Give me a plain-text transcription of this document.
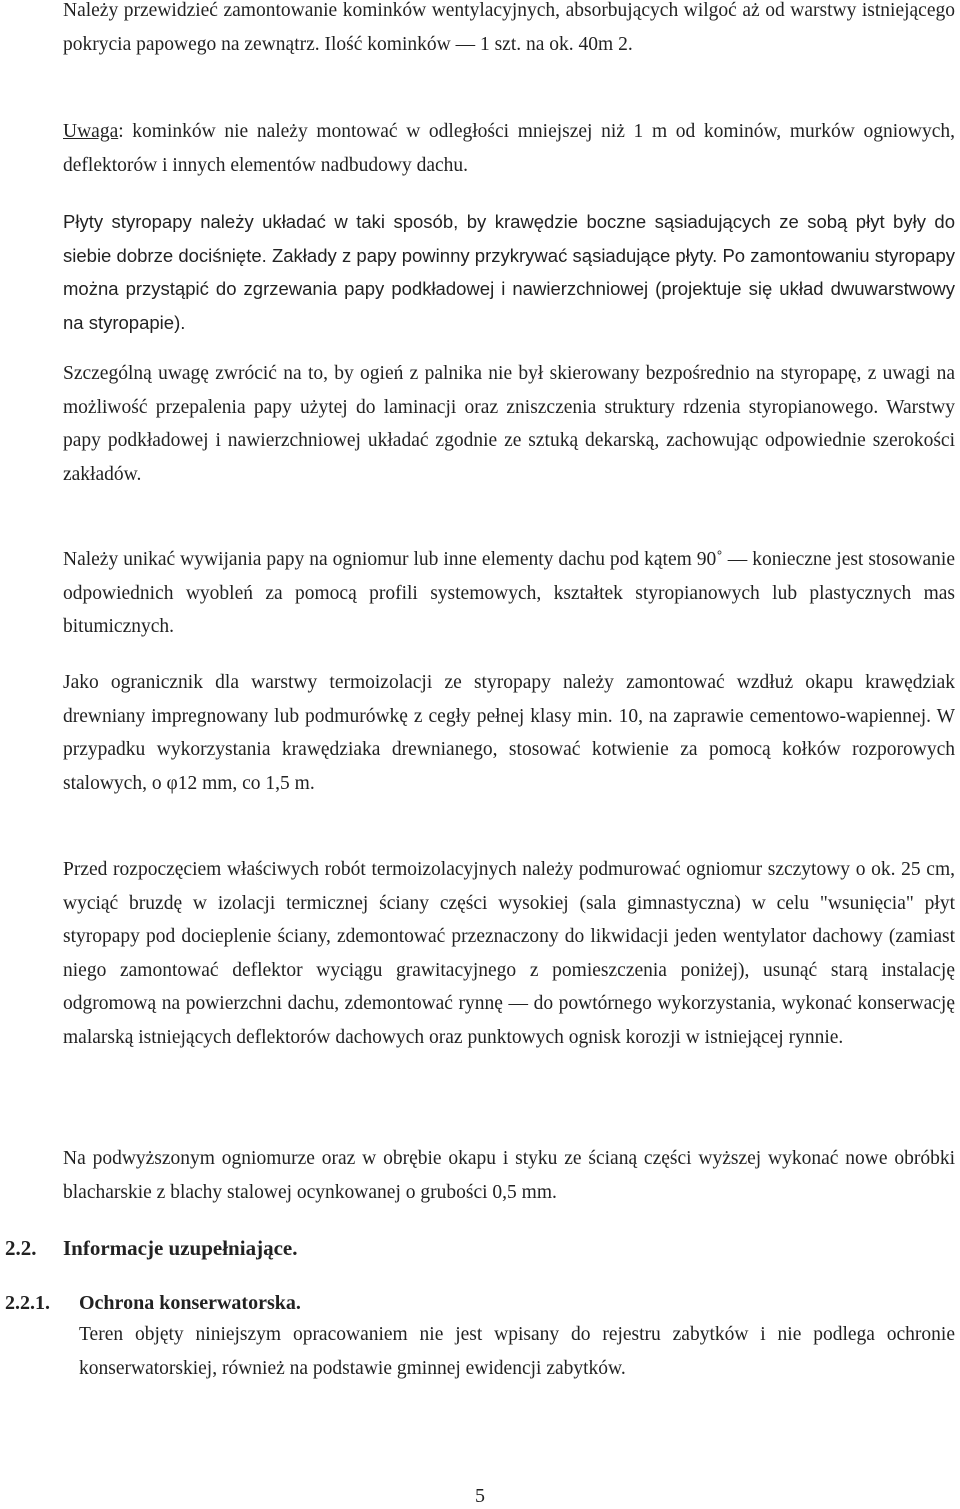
Należy przewidzieć zamontowanie kominków wentylacyjnych, absorbujących wilgoć aż od warstwy istniejącego pokrycia papowego na zewnątrz. Ilość kominków — 1 szt. na ok. 40m 2.

Uwaga: kominków nie należy montować w odległości mniejszej niż 1 m od kominów, murków ogniowych, deflektorów i innych elementów nadbudowy dachu.

Płyty styropapy należy układać w taki sposób, by krawędzie boczne sąsiadujących ze sobą płyt były do siebie dobrze dociśnięte. Zakłady z papy powinny przykrywać sąsiadujące płyty. Po zamontowaniu styropapy można przystąpić do zgrzewania papy podkładowej i nawierzchniowej (projektuje się układ dwuwarstwowy na styropapie).

Szczególną uwagę zwrócić na to, by ogień z palnika nie był skierowany bezpośrednio na styropapę, z uwagi na możliwość przepalenia papy użytej do laminacji oraz zniszczenia struktury rdzenia styropianowego. Warstwy papy podkładowej i nawierzchniowej układać zgodnie ze sztuką dekarską, zachowując odpowiednie szerokości zakładów.

Należy unikać wywijania papy na ogniomur lub inne elementy dachu pod kątem 90˚ — konieczne jest stosowanie odpowiednich wyobleń za pomocą profili systemowych, kształtek styropianowych lub plastycznych mas bitumicznych.

Jako ogranicznik dla warstwy termoizolacji ze styropapy należy zamontować wzdłuż okapu krawędziak drewniany impregnowany lub podmurówkę z cegły pełnej klasy min. 10, na zaprawie cementowo-wapiennej. W przypadku wykorzystania krawędziaka drewnianego, stosować kotwienie za pomocą kołków rozporowych stalowych, o φ12 mm, co 1,5 m.

Przed rozpoczęciem właściwych robót termoizolacyjnych należy podmurować ogniomur szczytowy o ok. 25 cm, wyciąć bruzdę w izolacji termicznej ściany części wysokiej (sala gimnastyczna) w celu "wsunięcia" płyt styropapy pod docieplenie ściany, zdemontować przeznaczony do likwidacji jeden wentylator dachowy (zamiast niego zamontować deflektor wyciągu grawitacyjnego z pomieszczenia poniżej), usunąć starą instalację odgromową na powierzchni dachu, zdemontować rynnę — do powtórnego wykorzystania, wykonać konserwację malarską istniejących deflektorów dachowych oraz punktowych ognisk korozji w istniejącej rynnie.

Na podwyższonym ogniomurze oraz w obrębie okapu i styku ze ścianą części wyższej wykonać nowe obróbki blacharskie z blachy stalowej ocynkowanej o grubości 0,5 mm.

2.2. Informacje uzupełniające.
2.2.1. Ochrona konserwatorska.

Teren objęty niniejszym opracowaniem nie jest wpisany do rejestru zabytków i nie podlega ochronie konserwatorskiej, również na podstawie gminnej ewidencji zabytków.

5
